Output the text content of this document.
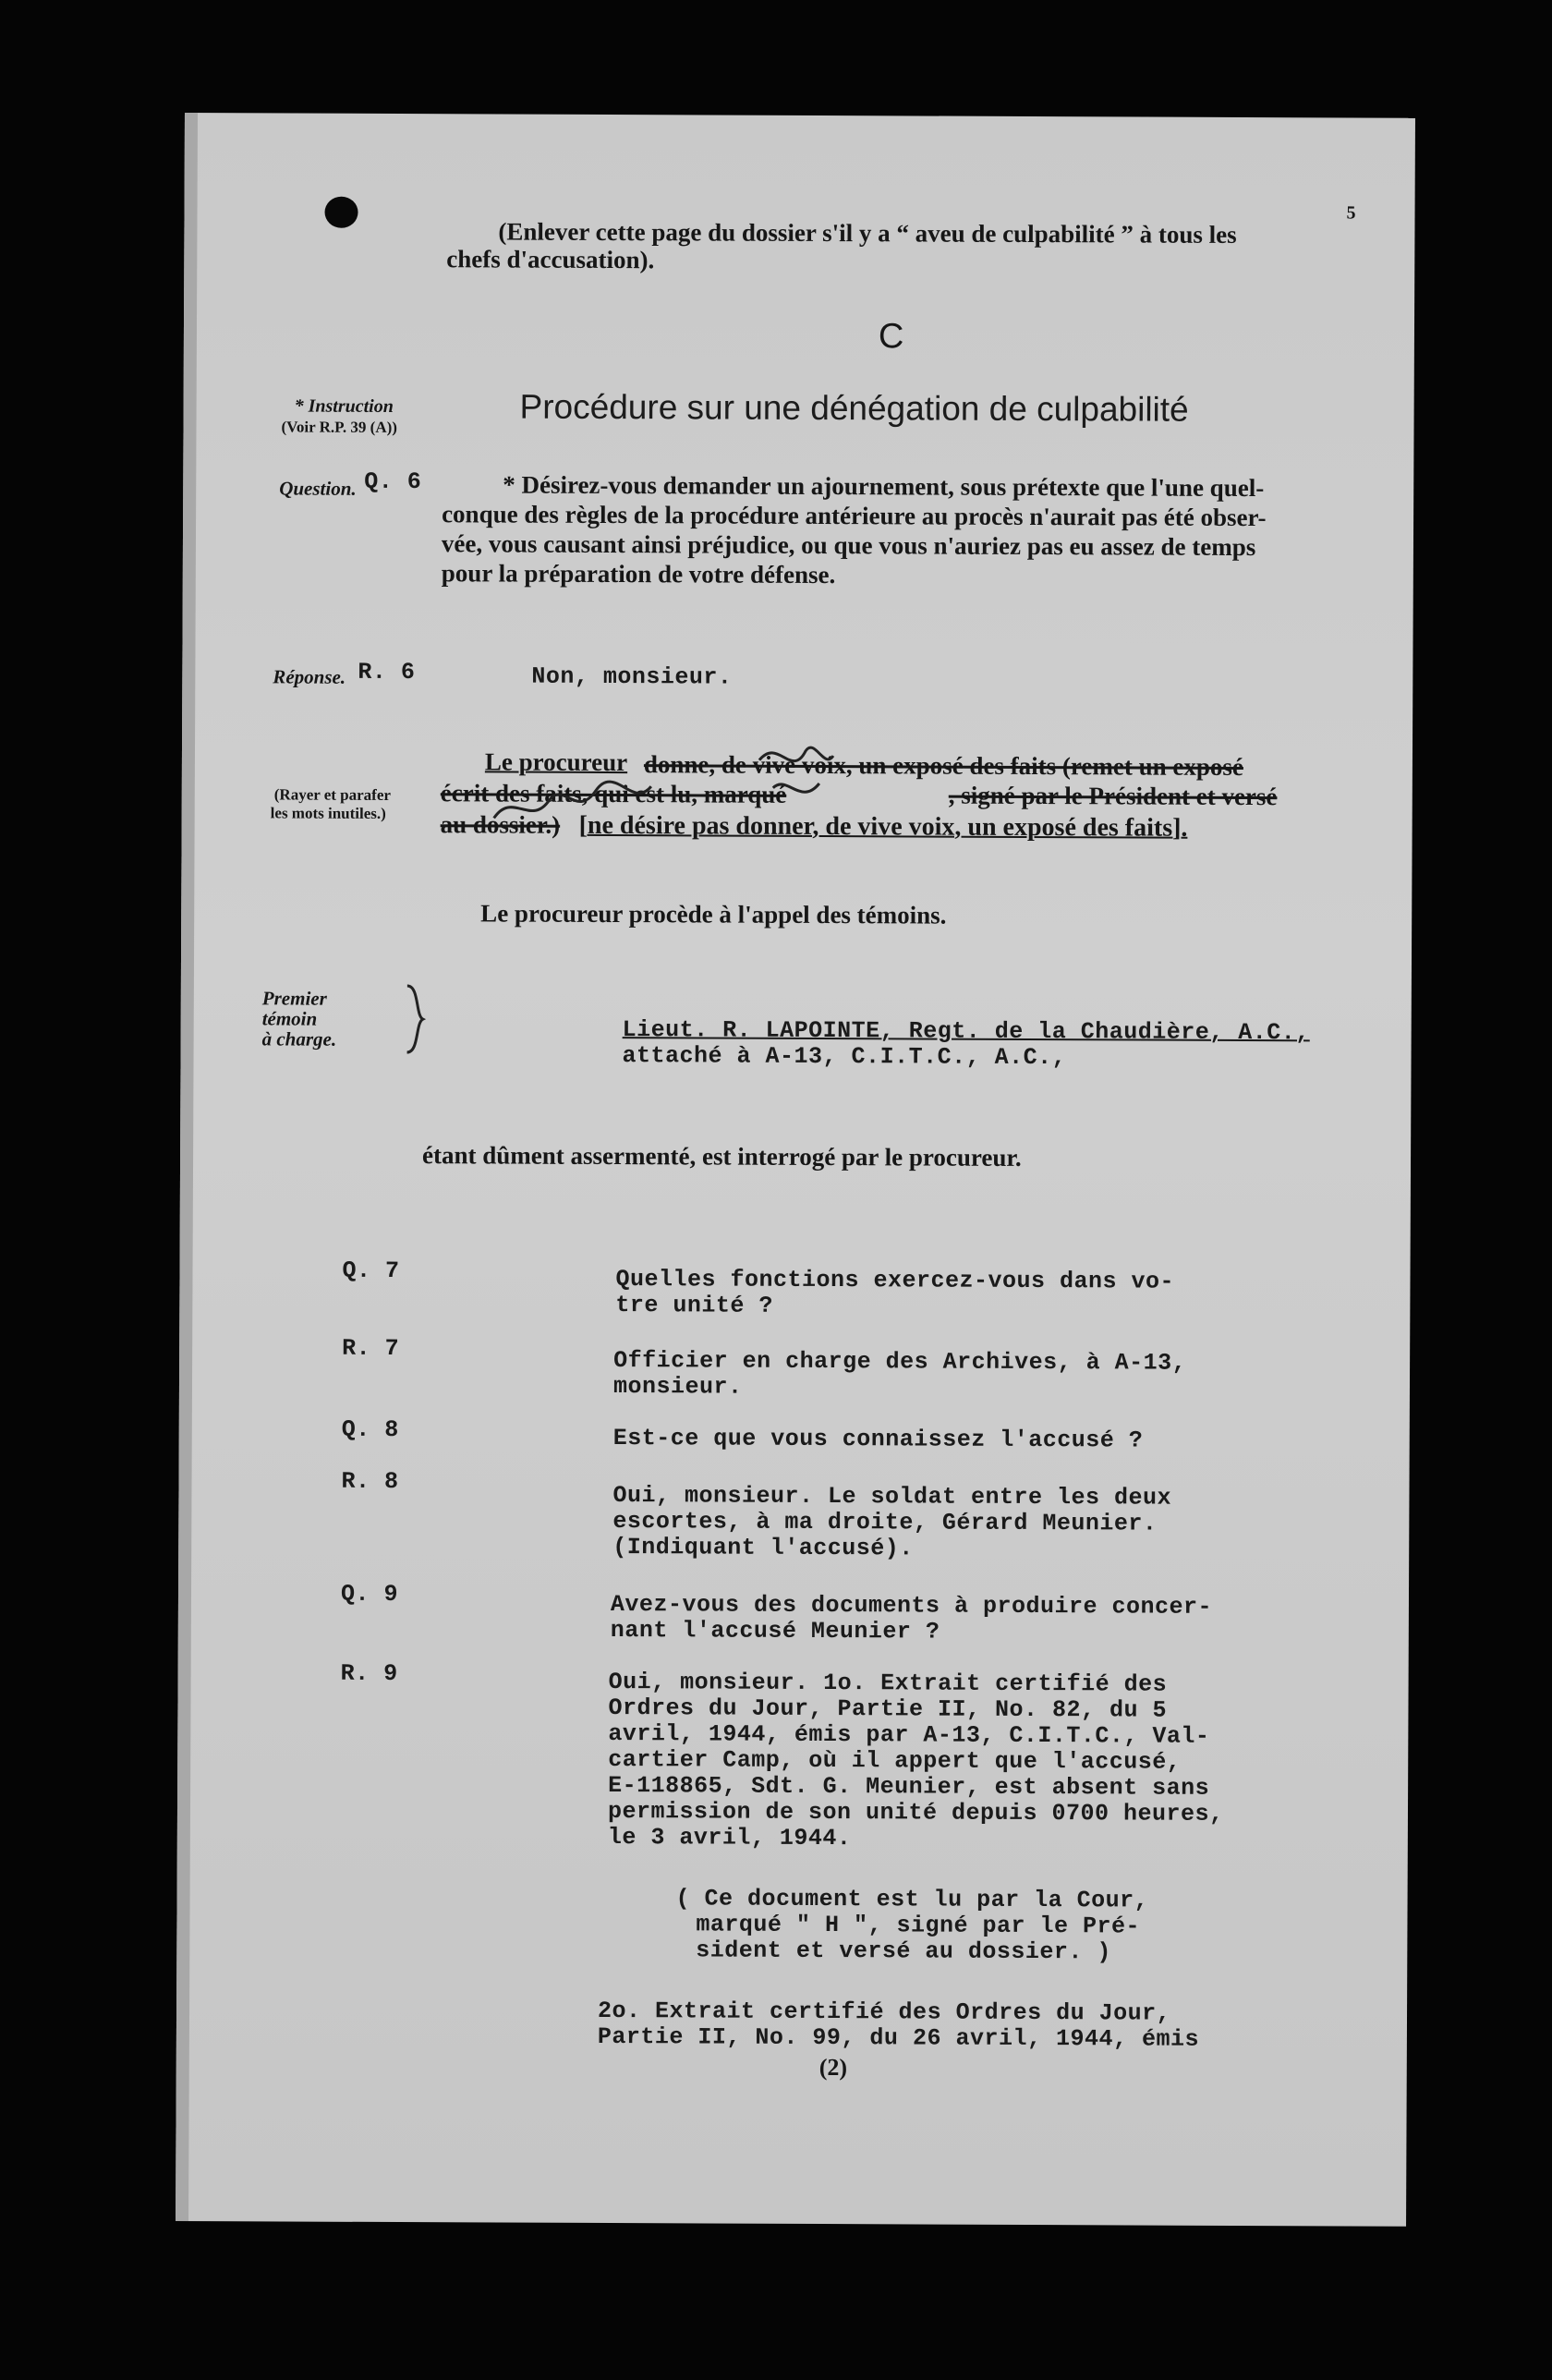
5
(Enlever cette page du dossier s'il y a “ aveu de culpabilité ” à tous les
chefs d'accusation).
C
* Instruction
(Voir R.P. 39 (A))	Procédure sur une dénégation de culpabilité
Question. Q. 6	* Désirez-vous demander un ajournement, sous prétexte que l'une quel-
conque des règles de la procédure antérieure au procès n'aurait pas été obser-
vée, vous causant ainsi préjudice, ou que vous n'auriez pas eu assez de temps
pour la préparation de votre défense.
Réponse. R. 6	Non, monsieur.
Le procureur donne, de vive voix, un exposé des faits (remet un exposé
écrit des faits, qui est lu, marqué	, signé par le Président et versé
au dossier.) [ne désire pas donner, de vive voix, un exposé des faits].
(Rayer et parafer
les mots inutiles.)
Le procureur procède à l'appel des témoins.
Premier
témoin
à charge.	Lieut. R. LAPOINTE, Regt. de la Chaudière, A.C.,
attaché à A-13, C.I.T.C., A.C.,
étant dûment assermenté, est interrogé par le procureur.
Q. 7	Quelles fonctions exercez-vous dans vo-
tre unité ?
R. 7	Officier en charge des Archives, à A-13,
monsieur.
Q. 8	Est-ce que vous connaissez l'accusé ?
R. 8
Oui, monsieur. Le soldat entre les deux
escortes, à ma droite, Gérard Meunier.
(Indiquant l'accusé).
Q. 9	Avez-vous des documents à produire concer-
nant l'accusé Meunier ?
R. 9	Oui, monsieur. 1o. Extrait certifié des
Ordres du Jour, Partie II, No. 82, du 5
avril, 1944, émis par A-13, C.I.T.C., Val-
cartier Camp, où il appert que l'accusé,
E-118865, Sdt. G. Meunier, est absent sans
permission de son unité depuis 0700 heures,
le 3 avril, 1944.
( Ce document est lu par la Cour,
marqué " H ", signé par le Pré-
sident et versé au dossier. )
2o. Extrait certifié des Ordres du Jour,
Partie II, No. 99, du 26 avril, 1944, émis
(2)
